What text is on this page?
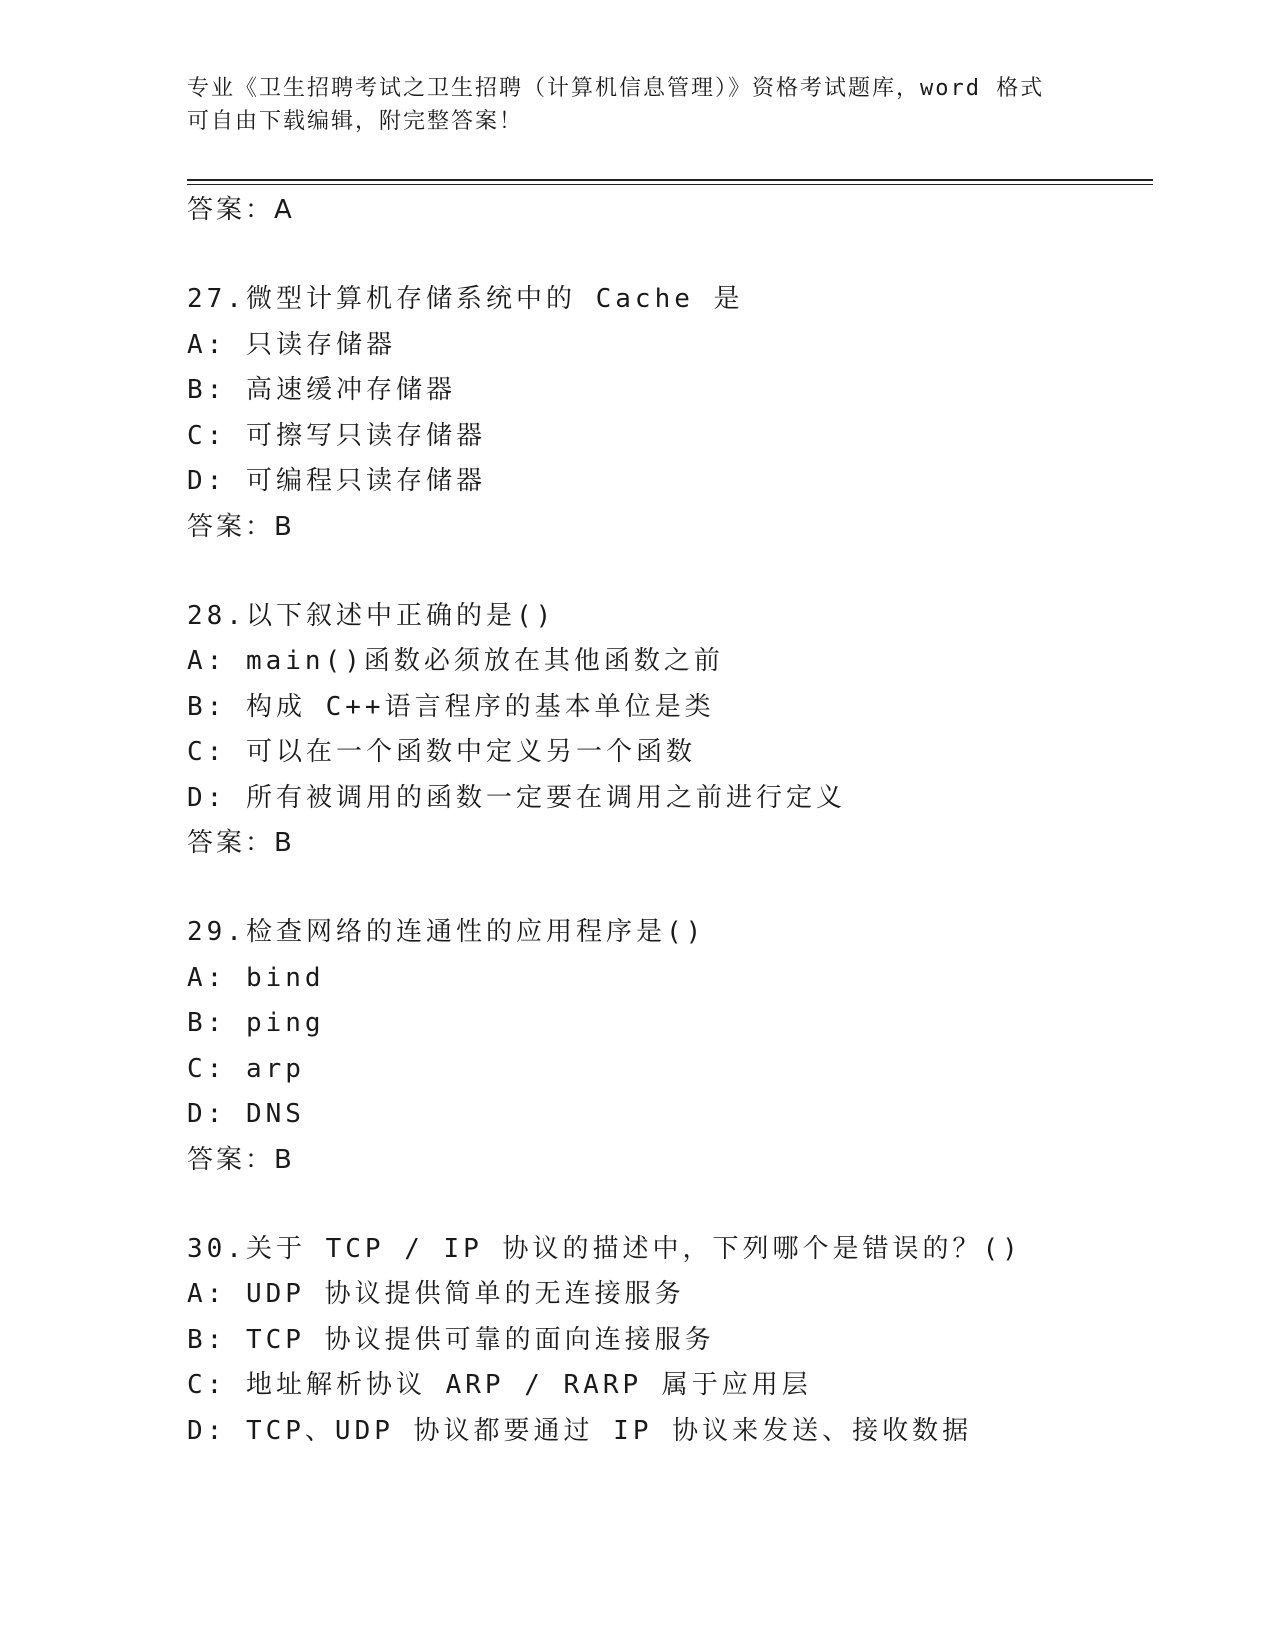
专业《卫生招聘考试之卫生招聘（计算机信息管理）》资格考试题库，word 格式
可自由下载编辑，附完整答案！
答案：A
27.微型计算机存储系统中的 Cache 是
A: 只读存储器
B: 高速缓冲存储器
C: 可擦写只读存储器
D: 可编程只读存储器
答案：B
28.以下叙述中正确的是()
A: main()函数必须放在其他函数之前
B: 构成 C++语言程序的基本单位是类
C: 可以在一个函数中定义另一个函数
D: 所有被调用的函数一定要在调用之前进行定义
答案：B
29.检查网络的连通性的应用程序是()
A: bind
B: ping
C: arp
D: DNS
答案：B
30.关于 TCP / IP 协议的描述中，下列哪个是错误的？()
A: UDP 协议提供简单的无连接服务
B: TCP 协议提供可靠的面向连接服务
C: 地址解析协议 ARP / RARP 属于应用层
D: TCP、UDP 协议都要通过 IP 协议来发送、接收数据
